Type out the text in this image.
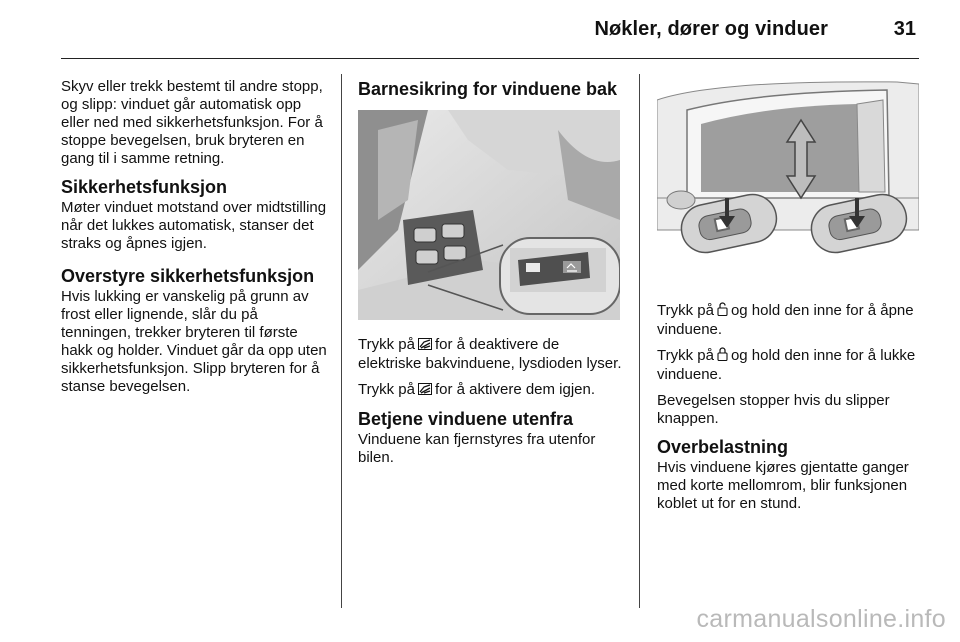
Nøkler, dører og vinduer	31

Skyv eller trekk bestemt til andre stopp, og slipp: vinduet går automatisk opp eller ned med sikkerhetsfunksjon. For å stoppe bevegelsen, bruk bryteren en gang til i samme retning.

Sikkerhetsfunksjon

Møter vinduet motstand over midtstilling når det lukkes automatisk, stanser det straks og åpnes igjen.

Overstyre sikkerhetsfunksjon

Hvis lukking er vanskelig på grunn av frost eller lignende, slår du på tenningen, trekker bryteren til første hakk og holder. Vinduet går da opp uten sikkerhetsfunksjon. Slipp bryteren for å stanse bevegelsen.

Barnesikring for vinduene bak

Trykk på for å deaktivere de elektriske bakvinduene, lysdioden lyser.

Trykk på for å aktivere dem igjen.

Betjene vinduene utenfra

Vinduene kan fjernstyres fra utenfor bilen.

Trykk på og hold den inne for å åpne vinduene.

Trykk på og hold den inne for å lukke vinduene.

Bevegelsen stopper hvis du slipper knappen.

Overbelastning

Hvis vinduene kjøres gjentatte ganger med korte mellomrom, blir funksjonen koblet ut for en stund.

carmanualsonline.info
